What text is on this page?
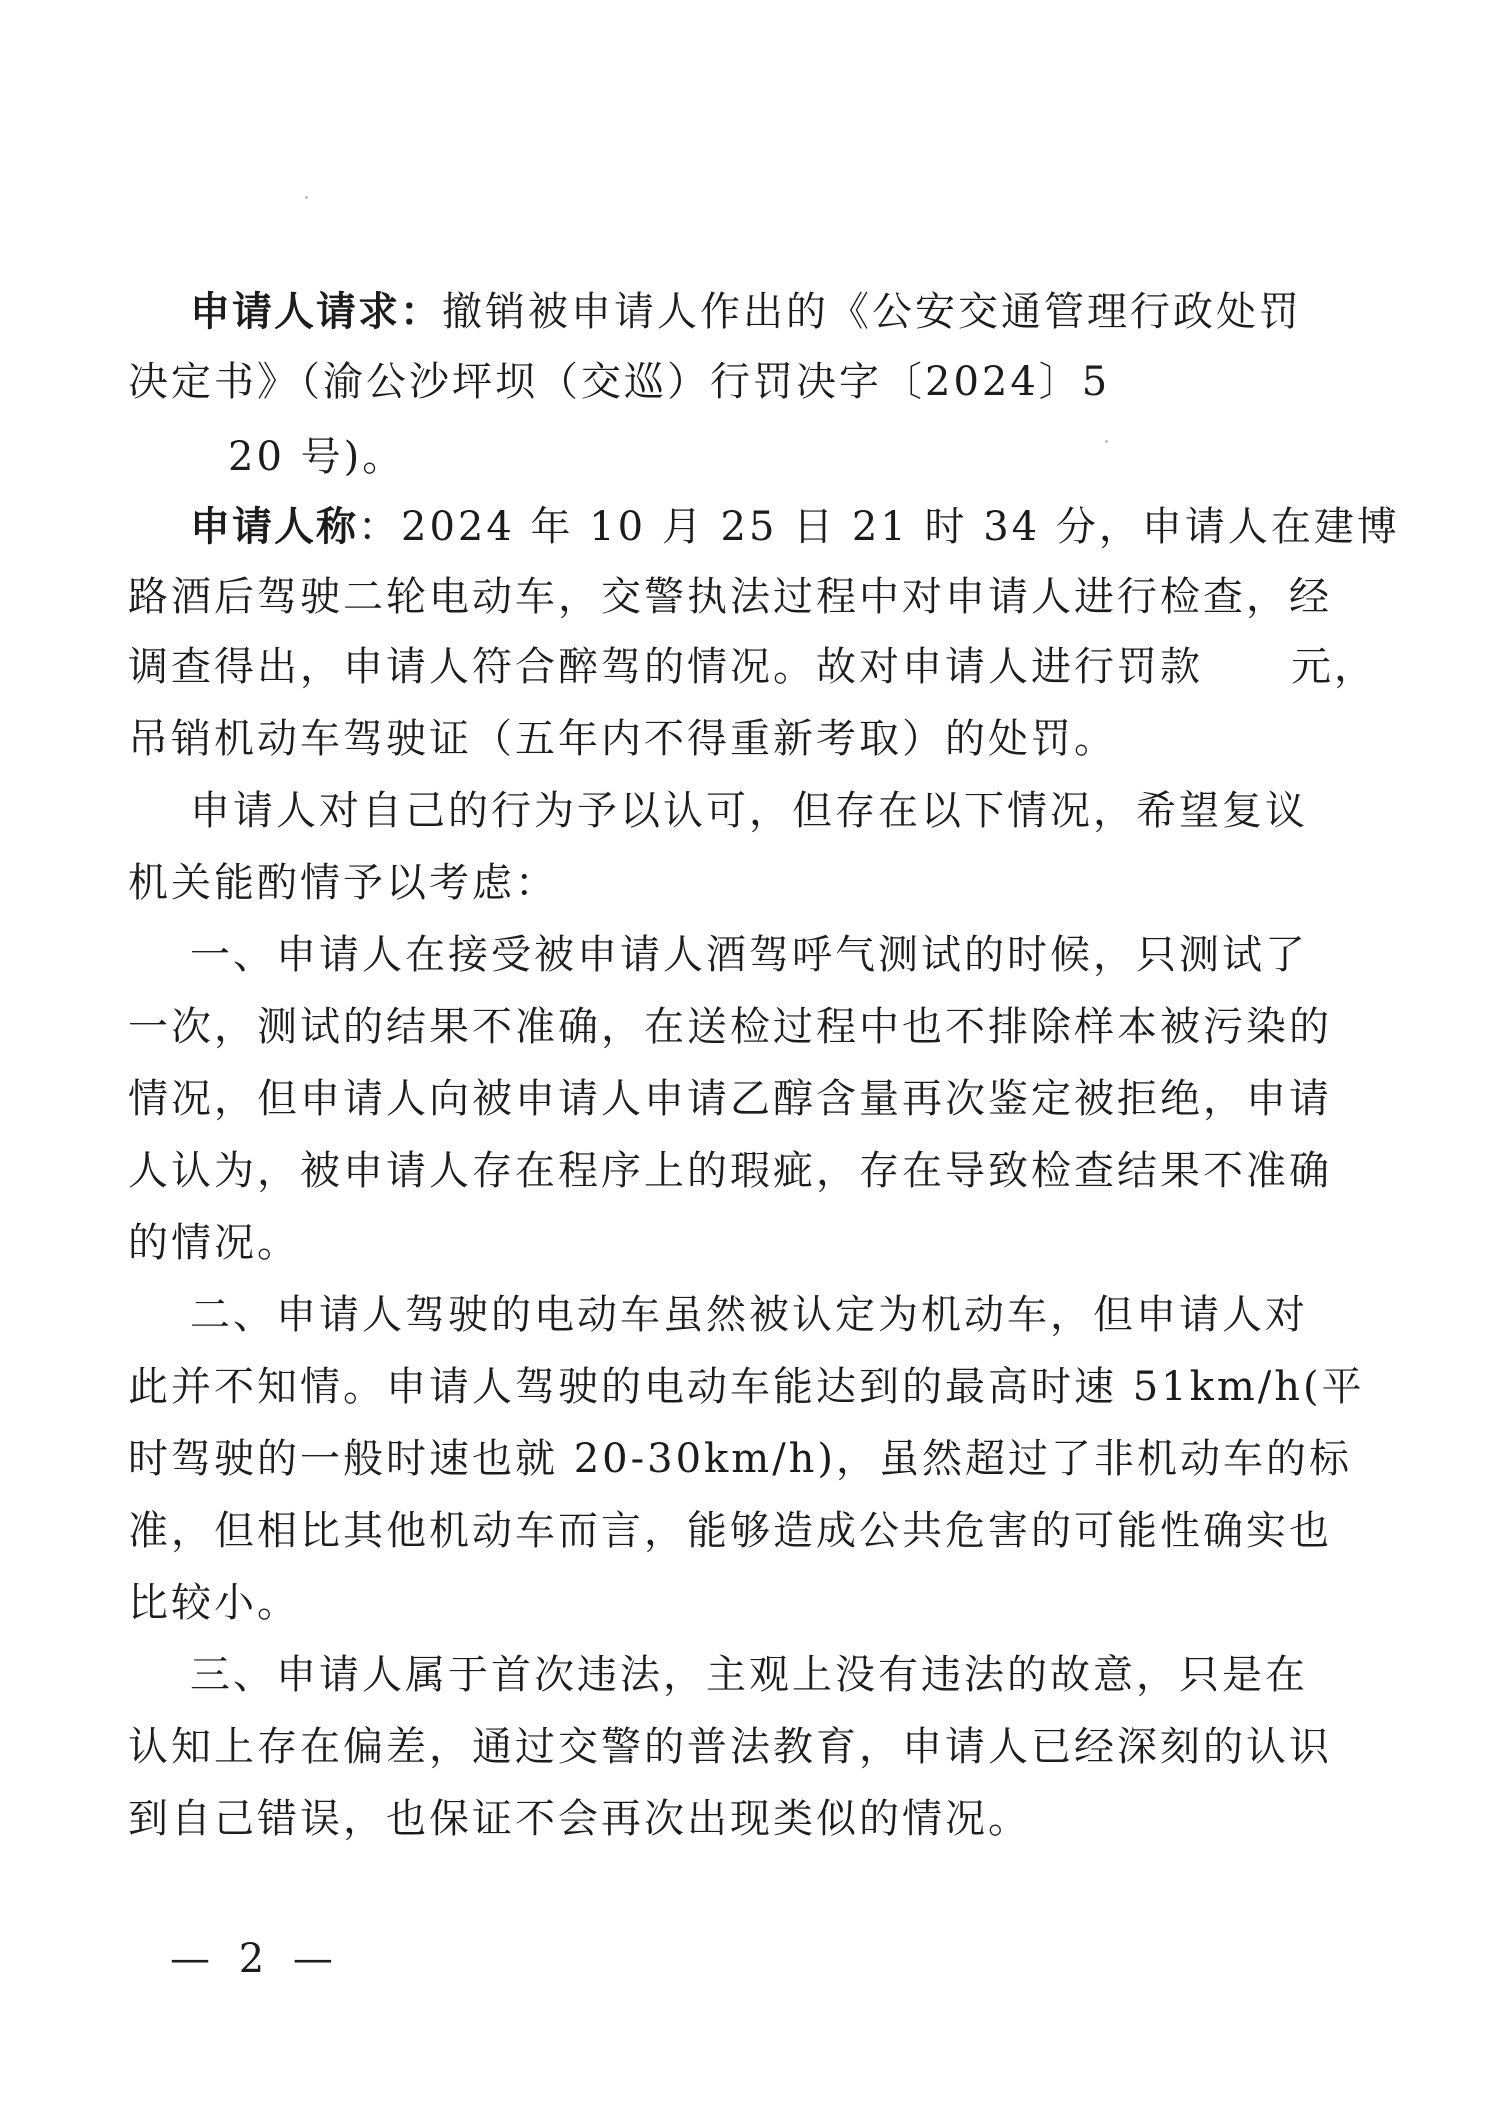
申请人请求：撤销被申请人作出的《公安交通管理行政处罚
决定书》（渝公沙坪坝（交巡）行罚决字〔2024〕5
20 号)。
申请人称：2024 年 10 月 25 日 21 时 34 分，申请人在建博
路酒后驾驶二轮电动车，交警执法过程中对申请人进行检查，经
调查得出，申请人符合醉驾的情况。故对申请人进行罚款 元，
吊销机动车驾驶证（五年内不得重新考取）的处罚。
申请人对自己的行为予以认可，但存在以下情况，希望复议
机关能酌情予以考虑：
一、申请人在接受被申请人酒驾呼气测试的时候，只测试了
一次，测试的结果不准确，在送检过程中也不排除样本被污染的
情况，但申请人向被申请人申请乙醇含量再次鉴定被拒绝，申请
人认为，被申请人存在程序上的瑕疵，存在导致检查结果不准确
的情况。
二、申请人驾驶的电动车虽然被认定为机动车，但申请人对
此并不知情。申请人驾驶的电动车能达到的最高时速 51km/h(平
时驾驶的一般时速也就 20-30km/h)，虽然超过了非机动车的标
准，但相比其他机动车而言，能够造成公共危害的可能性确实也
比较小。
三、申请人属于首次违法，主观上没有违法的故意，只是在
认知上存在偏差，通过交警的普法教育，申请人已经深刻的认识
到自己错误，也保证不会再次出现类似的情况。
— 2 —
